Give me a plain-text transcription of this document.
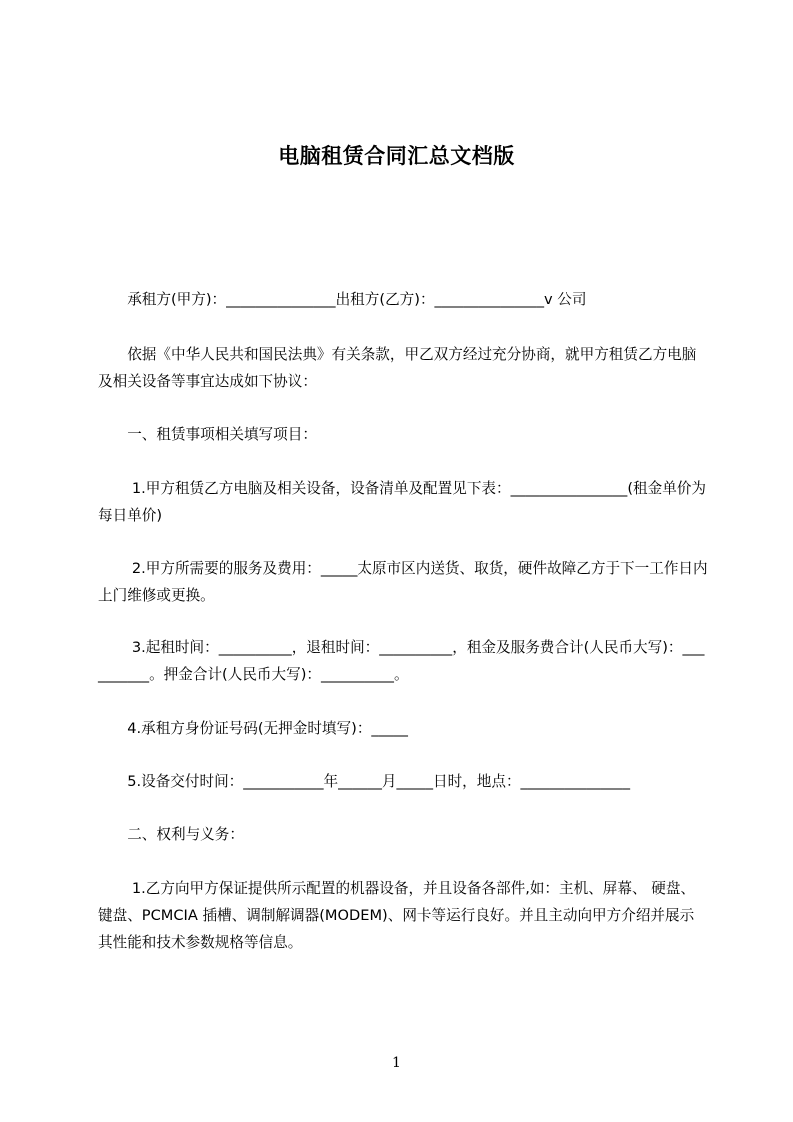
电脑租赁合同汇总文档版
　　承租方(甲方)：_______________出租方(乙方)：_______________v 公司
　　依据《中华人民共和国民法典》有关条款，甲乙双方经过充分协商，就甲方租赁乙方电脑及相关设备等事宜达成如下协议：
　　一、租赁事项相关填写项目：
　　 1.甲方租赁乙方电脑及相关设备，设备清单及配置见下表：________________(租金单价为每日单价)
　　 2.甲方所需要的服务及费用：_____太原市区内送货、取货，硬件故障乙方于下一工作日内上门维修或更换。
　　 3.起租时间：__________，退租时间：__________，租金及服务费合计(人民币大写)：__________。押金合计(人民币大写)：__________。
　　4.承租方身份证号码(无押金时填写)：_____
　　5.设备交付时间：___________年______月_____日时，地点：_______________
　　二、权利与义务：
　　 1.乙方向甲方保证提供所示配置的机器设备，并且设备各部件,如：主机、屏幕、 硬盘、键盘、PCMCIA 插槽、调制解调器(MODEM)、网卡等运行良好。并且主动向甲方介绍并展示其性能和技术参数规格等信息。
1
